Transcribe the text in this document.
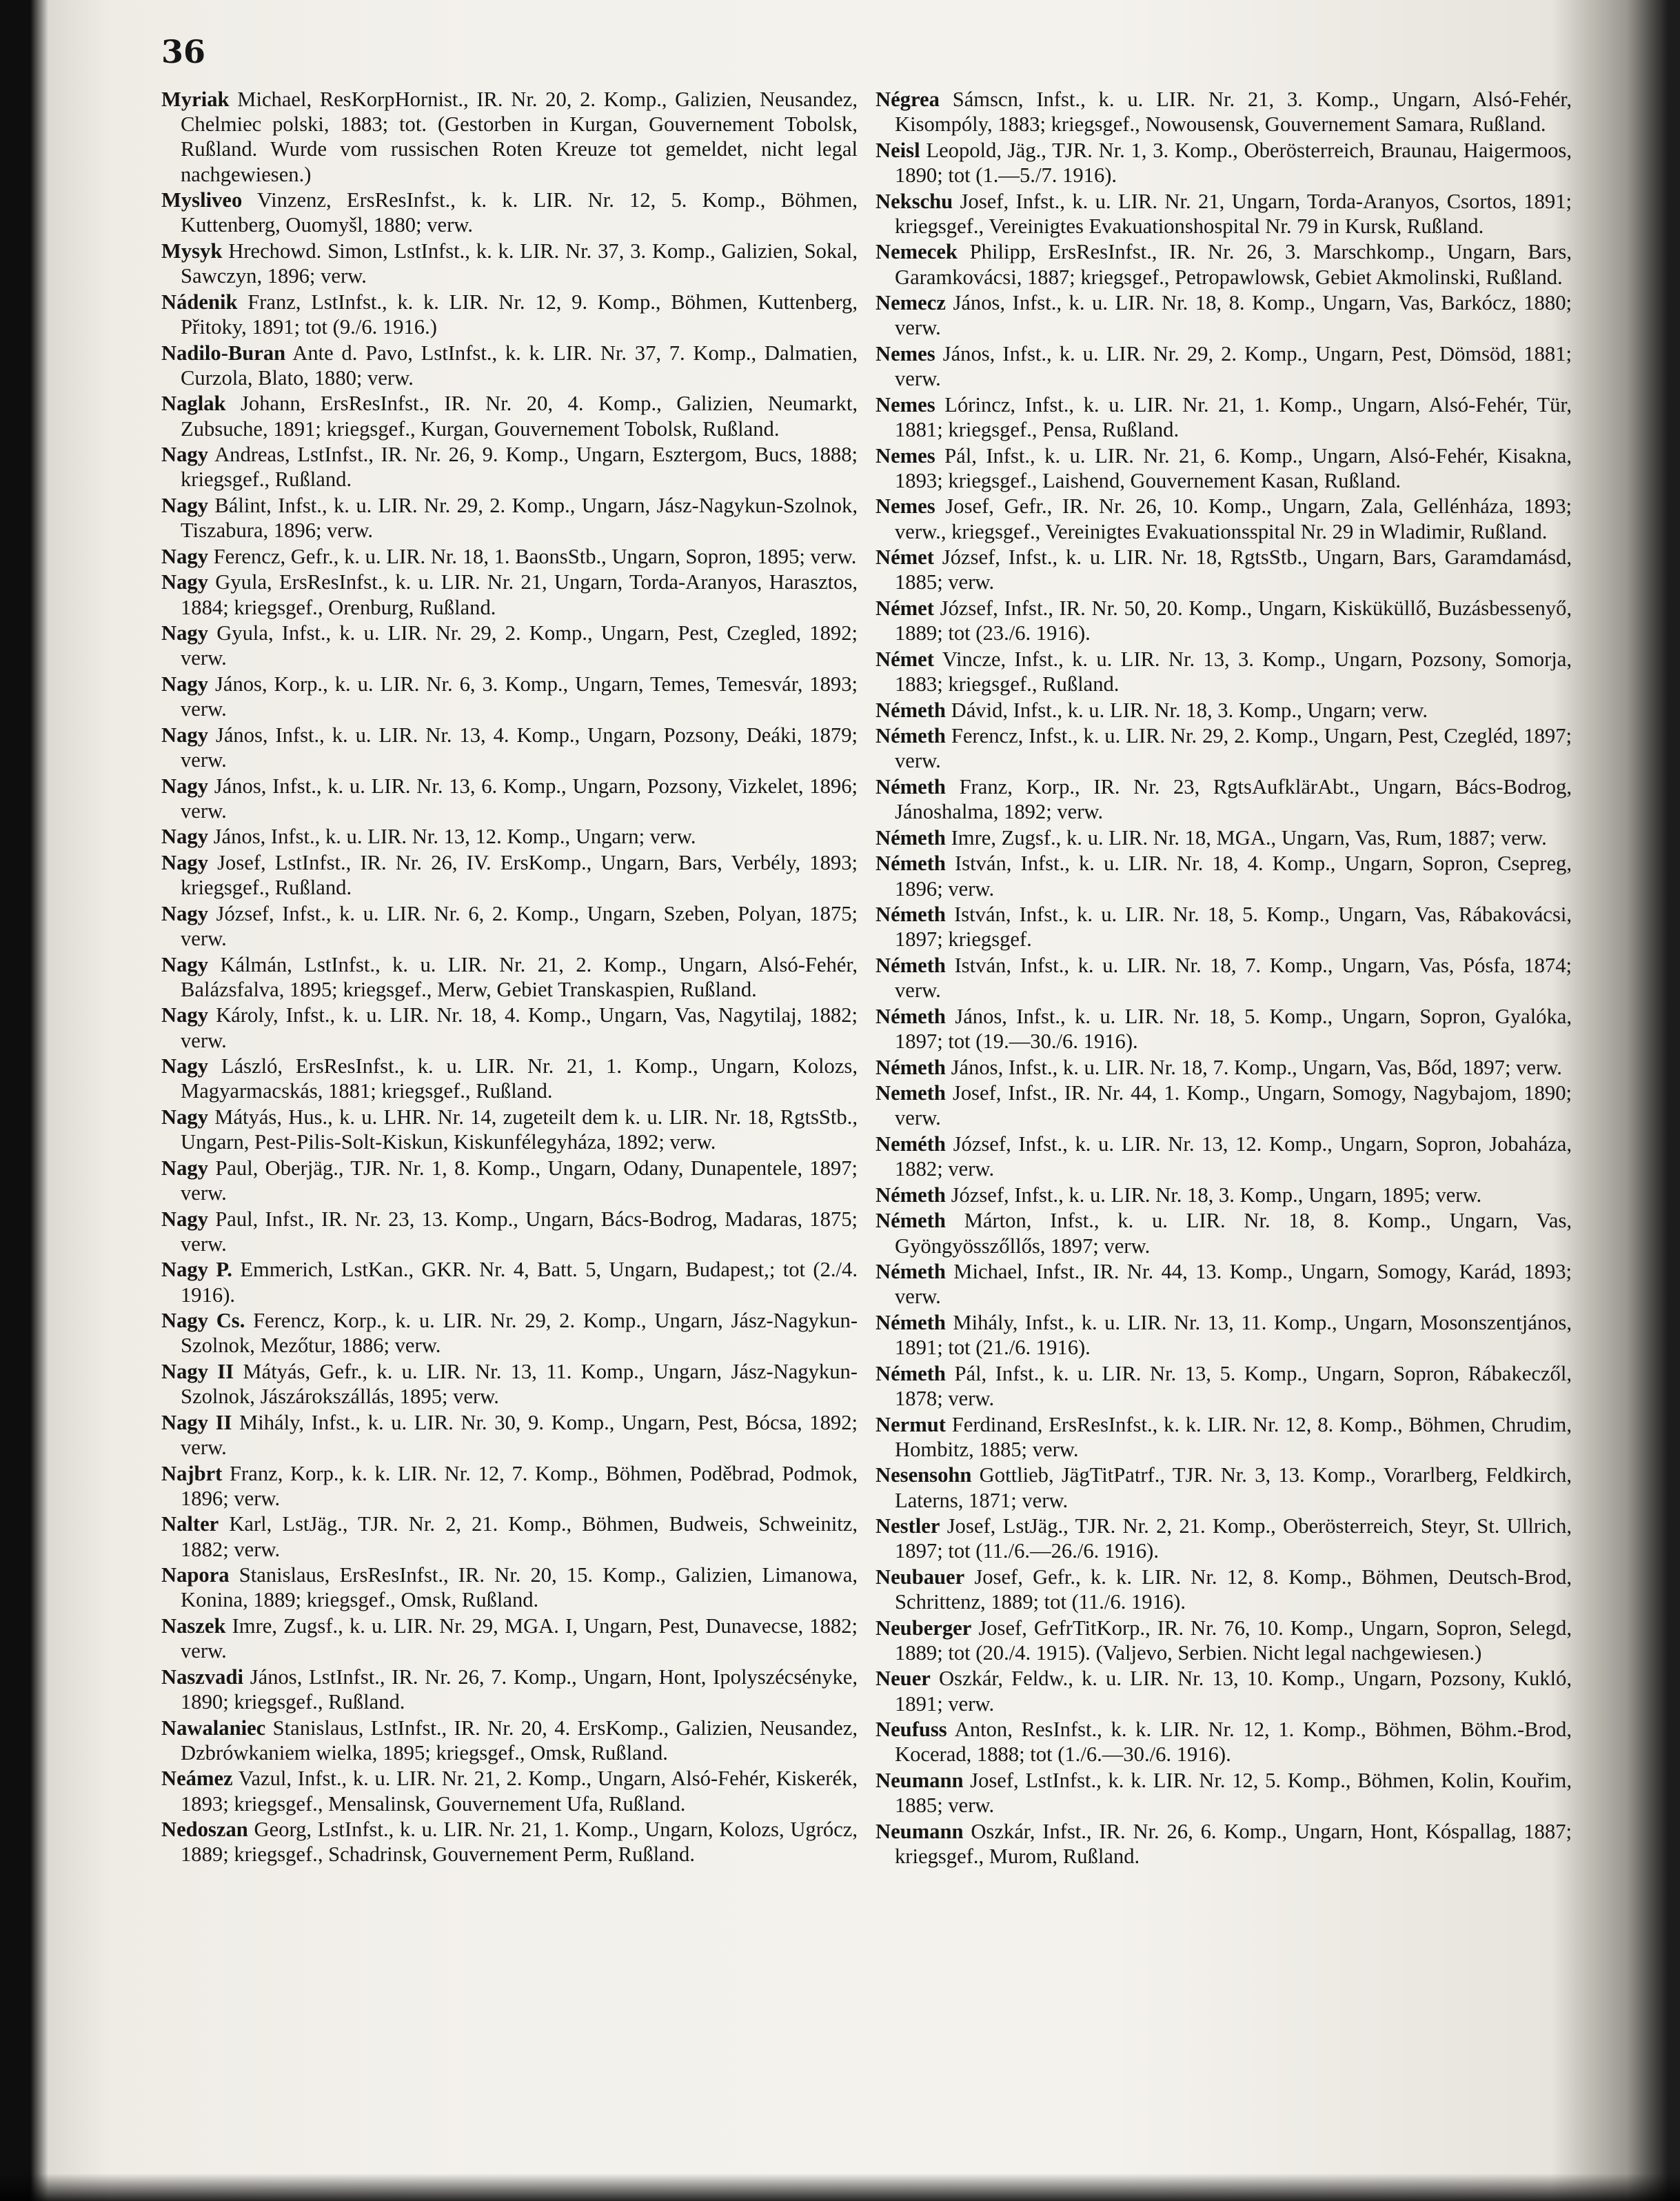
36

Myriak Michael, ResKorpHornist., IR. Nr. 20, 2. Komp., Galizien, Neusandez, Chelmiec polski, 1883; tot. (Gestorben in Kurgan, Gouvernement Tobolsk, Rußland. Wurde vom russischen Roten Kreuze tot gemeldet, nicht legal nachgewiesen.)

Mysliveo Vinzenz, ErsResInfst., k. k. LIR. Nr. 12, 5. Komp., Böhmen, Kuttenberg, Ouomyšl, 1880; verw.

Mysyk Hrechowd. Simon, LstInfst., k. k. LIR. Nr. 37, 3. Komp., Galizien, Sokal, Sawczyn, 1896; verw.

Nádenik Franz, LstInfst., k. k. LIR. Nr. 12, 9. Komp., Böhmen, Kuttenberg, Přitoky, 1891; tot (9./6. 1916.)

Nadilo-Buran Ante d. Pavo, LstInfst., k. k. LIR. Nr. 37, 7. Komp., Dalmatien, Curzola, Blato, 1880; verw.

Naglak Johann, ErsResInfst., IR. Nr. 20, 4. Komp., Galizien, Neumarkt, Zubsuche, 1891; kriegsgef., Kurgan, Gouvernement Tobolsk, Rußland.

Nagy Andreas, LstInfst., IR. Nr. 26, 9. Komp., Ungarn, Esztergom, Bucs, 1888; kriegsgef., Rußland.

Nagy Bálint, Infst., k. u. LIR. Nr. 29, 2. Komp., Ungarn, Jász-Nagykun-Szolnok, Tiszabura, 1896; verw.

Nagy Ferencz, Gefr., k. u. LIR. Nr. 18, 1. BaonsStb., Ungarn, Sopron, 1895; verw.

Nagy Gyula, ErsResInfst., k. u. LIR. Nr. 21, Ungarn, Torda-Aranyos, Harasztos, 1884; kriegsgef., Orenburg, Rußland.

Nagy Gyula, Infst., k. u. LIR. Nr. 29, 2. Komp., Ungarn, Pest, Czegled, 1892; verw.

Nagy János, Korp., k. u. LIR. Nr. 6, 3. Komp., Ungarn, Temes, Temesvár, 1893; verw.

Nagy János, Infst., k. u. LIR. Nr. 13, 4. Komp., Ungarn, Pozsony, Deáki, 1879; verw.

Nagy János, Infst., k. u. LIR. Nr. 13, 6. Komp., Ungarn, Pozsony, Vizkelet, 1896; verw.

Nagy János, Infst., k. u. LIR. Nr. 13, 12. Komp., Ungarn; verw.

Nagy Josef, LstInfst., IR. Nr. 26, IV. ErsKomp., Ungarn, Bars, Verbély, 1893; kriegsgef., Rußland.

Nagy József, Infst., k. u. LIR. Nr. 6, 2. Komp., Ungarn, Szeben, Polyan, 1875; verw.

Nagy Kálmán, LstInfst., k. u. LIR. Nr. 21, 2. Komp., Ungarn, Alsó-Fehér, Balázsfalva, 1895; kriegsgef., Merw, Gebiet Transkaspien, Rußland.

Nagy Károly, Infst., k. u. LIR. Nr. 18, 4. Komp., Ungarn, Vas, Nagytilaj, 1882; verw.

Nagy László, ErsResInfst., k. u. LIR. Nr. 21, 1. Komp., Ungarn, Kolozs, Magyarmacskás, 1881; kriegsgef., Rußland.

Nagy Mátyás, Hus., k. u. LHR. Nr. 14, zugeteilt dem k. u. LIR. Nr. 18, RgtsStb., Ungarn, Pest-Pilis-Solt-Kiskun, Kiskunfélegyháza, 1892; verw.

Nagy Paul, Oberjäg., TJR. Nr. 1, 8. Komp., Ungarn, Odany, Dunapentele, 1897; verw.

Nagy Paul, Infst., IR. Nr. 23, 13. Komp., Ungarn, Bács-Bodrog, Madaras, 1875; verw.

Nagy P. Emmerich, LstKan., GKR. Nr. 4, Batt. 5, Ungarn, Budapest,; tot (2./4. 1916).

Nagy Cs. Ferencz, Korp., k. u. LIR. Nr. 29, 2. Komp., Ungarn, Jász-Nagykun-Szolnok, Mezőtur, 1886; verw.

Nagy II Mátyás, Gefr., k. u. LIR. Nr. 13, 11. Komp., Ungarn, Jász-Nagykun-Szolnok, Jászárokszállás, 1895; verw.

Nagy II Mihály, Infst., k. u. LIR. Nr. 30, 9. Komp., Ungarn, Pest, Bócsa, 1892; verw.

Najbrt Franz, Korp., k. k. LIR. Nr. 12, 7. Komp., Böhmen, Poděbrad, Podmok, 1896; verw.

Nalter Karl, LstJäg., TJR. Nr. 2, 21. Komp., Böhmen, Budweis, Schweinitz, 1882; verw.

Napora Stanislaus, ErsResInfst., IR. Nr. 20, 15. Komp., Galizien, Limanowa, Konina, 1889; kriegsgef., Omsk, Rußland.

Naszek Imre, Zugsf., k. u. LIR. Nr. 29, MGA. I, Ungarn, Pest, Dunavecse, 1882; verw.

Naszvadi János, LstInfst., IR. Nr. 26, 7. Komp., Ungarn, Hont, Ipolyszécsényke, 1890; kriegsgef., Rußland.

Nawalaniec Stanislaus, LstInfst., IR. Nr. 20, 4. ErsKomp., Galizien, Neusandez, Dzbrówkaniem wielka, 1895; kriegsgef., Omsk, Rußland.

Neámez Vazul, Infst., k. u. LIR. Nr. 21, 2. Komp., Ungarn, Alsó-Fehér, Kiskerék, 1893; kriegsgef., Mensalinsk, Gouvernement Ufa, Rußland.

Nedoszan Georg, LstInfst., k. u. LIR. Nr. 21, 1. Komp., Ungarn, Kolozs, Ugrócz, 1889; kriegsgef., Schadrinsk, Gouvernement Perm, Rußland.

Négrea Sámscn, Infst., k. u. LIR. Nr. 21, 3. Komp., Ungarn, Alsó-Fehér, Kisompóly, 1883; kriegsgef., Nowousensk, Gouvernement Samara, Rußland.

Neisl Leopold, Jäg., TJR. Nr. 1, 3. Komp., Oberösterreich, Braunau, Haigermoos, 1890; tot (1.—5./7. 1916).

Nekschu Josef, Infst., k. u. LIR. Nr. 21, Ungarn, Torda-Aranyos, Csortos, 1891; kriegsgef., Vereinigtes Evakuationshospital Nr. 79 in Kursk, Rußland.

Nemecek Philipp, ErsResInfst., IR. Nr. 26, 3. Marschkomp., Ungarn, Bars, Garamkovácsi, 1887; kriegsgef., Petropawlowsk, Gebiet Akmolinski, Rußland.

Nemecz János, Infst., k. u. LIR. Nr. 18, 8. Komp., Ungarn, Vas, Barkócz, 1880; verw.

Nemes János, Infst., k. u. LIR. Nr. 29, 2. Komp., Ungarn, Pest, Dömsöd, 1881; verw.

Nemes Lórincz, Infst., k. u. LIR. Nr. 21, 1. Komp., Ungarn, Alsó-Fehér, Tür, 1881; kriegsgef., Pensa, Rußland.

Nemes Pál, Infst., k. u. LIR. Nr. 21, 6. Komp., Ungarn, Alsó-Fehér, Kisakna, 1893; kriegsgef., Laishend, Gouvernement Kasan, Rußland.

Nemes Josef, Gefr., IR. Nr. 26, 10. Komp., Ungarn, Zala, Gellénháza, 1893; verw., kriegsgef., Vereinigtes Evakuationsspital Nr. 29 in Wladimir, Rußland.

Német József, Infst., k. u. LIR. Nr. 18, RgtsStb., Ungarn, Bars, Garamdamásd, 1885; verw.

Német József, Infst., IR. Nr. 50, 20. Komp., Ungarn, Kisküküllő, Buzásbessenyő, 1889; tot (23./6. 1916).

Német Vincze, Infst., k. u. LIR. Nr. 13, 3. Komp., Ungarn, Pozsony, Somorja, 1883; kriegsgef., Rußland.

Németh Dávid, Infst., k. u. LIR. Nr. 18, 3. Komp., Ungarn; verw.

Németh Ferencz, Infst., k. u. LIR. Nr. 29, 2. Komp., Ungarn, Pest, Czegléd, 1897; verw.

Németh Franz, Korp., IR. Nr. 23, RgtsAufklärAbt., Ungarn, Bács-Bodrog, Jánoshalma, 1892; verw.

Németh Imre, Zugsf., k. u. LIR. Nr. 18, MGA., Ungarn, Vas, Rum, 1887; verw.

Németh István, Infst., k. u. LIR. Nr. 18, 4. Komp., Ungarn, Sopron, Csepreg, 1896; verw.

Németh István, Infst., k. u. LIR. Nr. 18, 5. Komp., Ungarn, Vas, Rábakovácsi, 1897; kriegsgef.

Németh István, Infst., k. u. LIR. Nr. 18, 7. Komp., Ungarn, Vas, Pósfa, 1874; verw.

Németh János, Infst., k. u. LIR. Nr. 18, 5. Komp., Ungarn, Sopron, Gyalóka, 1897; tot (19.—30./6. 1916).

Németh János, Infst., k. u. LIR. Nr. 18, 7. Komp., Ungarn, Vas, Bőd, 1897; verw.

Nemeth Josef, Infst., IR. Nr. 44, 1. Komp., Ungarn, Somogy, Nagybajom, 1890; verw.

Neméth József, Infst., k. u. LIR. Nr. 13, 12. Komp., Ungarn, Sopron, Jobaháza, 1882; verw.

Németh József, Infst., k. u. LIR. Nr. 18, 3. Komp., Ungarn, 1895; verw.

Németh Márton, Infst., k. u. LIR. Nr. 18, 8. Komp., Ungarn, Vas, Gyöngyösszőllős, 1897; verw.

Németh Michael, Infst., IR. Nr. 44, 13. Komp., Ungarn, Somogy, Karád, 1893; verw.

Németh Mihály, Infst., k. u. LIR. Nr. 13, 11. Komp., Ungarn, Mosonszentjános, 1891; tot (21./6. 1916).

Németh Pál, Infst., k. u. LIR. Nr. 13, 5. Komp., Ungarn, Sopron, Rábakeczől, 1878; verw.

Nermut Ferdinand, ErsResInfst., k. k. LIR. Nr. 12, 8. Komp., Böhmen, Chrudim, Hombitz, 1885; verw.

Nesensohn Gottlieb, JägTitPatrf., TJR. Nr. 3, 13. Komp., Vorarlberg, Feldkirch, Laterns, 1871; verw.

Nestler Josef, LstJäg., TJR. Nr. 2, 21. Komp., Oberösterreich, Steyr, St. Ullrich, 1897; tot (11./6.—26./6. 1916).

Neubauer Josef, Gefr., k. k. LIR. Nr. 12, 8. Komp., Böhmen, Deutsch-Brod, Schrittenz, 1889; tot (11./6. 1916).

Neuberger Josef, GefrTitKorp., IR. Nr. 76, 10. Komp., Ungarn, Sopron, Selegd, 1889; tot (20./4. 1915). (Valjevo, Serbien. Nicht legal nachgewiesen.)

Neuer Oszkár, Feldw., k. u. LIR. Nr. 13, 10. Komp., Ungarn, Pozsony, Kukló, 1891; verw.

Neufuss Anton, ResInfst., k. k. LIR. Nr. 12, 1. Komp., Böhmen, Böhm.-Brod, Kocerad, 1888; tot (1./6.—30./6. 1916).

Neumann Josef, LstInfst., k. k. LIR. Nr. 12, 5. Komp., Böhmen, Kolin, Kouřim, 1885; verw.

Neumann Oszkár, Infst., IR. Nr. 26, 6. Komp., Ungarn, Hont, Kóspallag, 1887; kriegsgef., Murom, Rußland.
